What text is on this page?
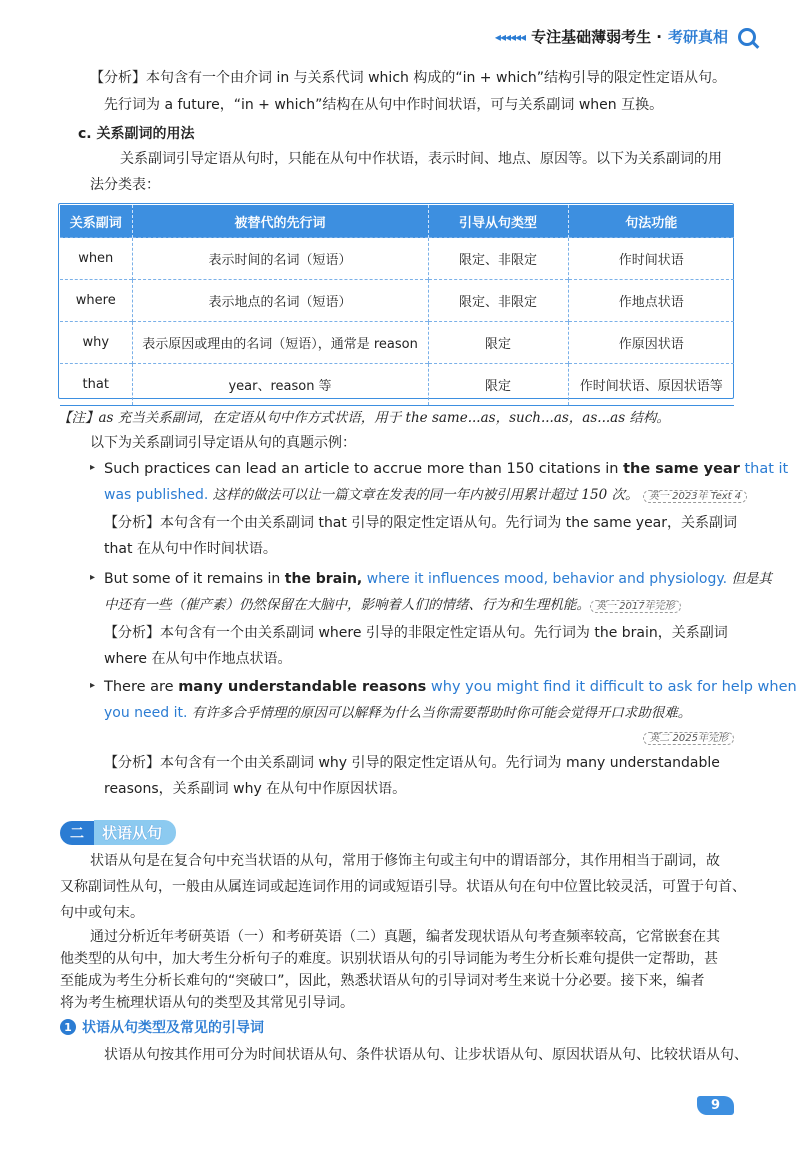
◂◂◂◂◂◂ 专注基础薄弱考生 · 考研真相

【分析】本句含有一个由介词 in 与关系代词 which 构成的“in + which”结构引导的限定性定语从句。

先行词为 a future，“in + which”结构在从句中作时间状语，可与关系副词 when 互换。

c. 关系副词的用法

关系副词引导定语从句时，只能在从句中作状语，表示时间、地点、原因等。以下为关系副词的用

法分类表：

关系副词	被替代的先行词	引导从句类型	句法功能
when	表示时间的名词（短语）	限定、非限定	作时间状语
where	表示地点的名词（短语）	限定、非限定	作地点状语
why	表示原因或理由的名词（短语），通常是 reason	限定	作原因状语
that	year、reason 等	限定	作时间状语、原因状语等

【注】as 充当关系副词，在定语从句中作方式状语，用于 the same...as，such...as，as...as 结构。

以下为关系副词引导定语从句的真题示例：

▸ Such practices can lead an article to accrue more than 150 citations in the same year that it

was published. 这样的做法可以让一篇文章在发表的同一年内被引用累计超过 150 次。 英一 2023年 Text 4

【分析】本句含有一个由关系副词 that 引导的限定性定语从句。先行词为 the same year，关系副词

that 在从句中作时间状语。

▸ But some of it remains in the brain, where it influences mood, behavior and physiology. 但是其

中还有一些（催产素）仍然保留在大脑中，影响着人们的情绪、行为和生理机能。 英一 2017年完形

【分析】本句含有一个由关系副词 where 引导的非限定性定语从句。先行词为 the brain，关系副词

where 在从句中作地点状语。

▸ There are many understandable reasons why you might find it difficult to ask for help when

you need it. 有许多合乎情理的原因可以解释为什么当你需要帮助时你可能会觉得开口求助很难。

英二 2025年完形

【分析】本句含有一个由关系副词 why 引导的限定性定语从句。先行词为 many understandable

reasons，关系副词 why 在从句中作原因状语。

二	状语从句

状语从句是在复合句中充当状语的从句，常用于修饰主句或主句中的谓语部分，其作用相当于副词，故

又称副词性从句，一般由从属连词或起连词作用的词或短语引导。状语从句在句中位置比较灵活，可置于句首、

句中或句末。

通过分析近年考研英语（一）和考研英语（二）真题，编者发现状语从句考查频率较高，它常嵌套在其

他类型的从句中，加大考生分析句子的难度。识别状语从句的引导词能为考生分析长难句提供一定帮助，甚

至能成为考生分析长难句的“突破口”，因此，熟悉状语从句的引导词对考生来说十分必要。接下来，编者

1 状语从句类型及常见的引导词

状语从句按其作用可分为时间状语从句、条件状语从句、让步状语从句、原因状语从句、比较状语从句、

9

将为考生梳理状语从句的类型及其常见引导词。
